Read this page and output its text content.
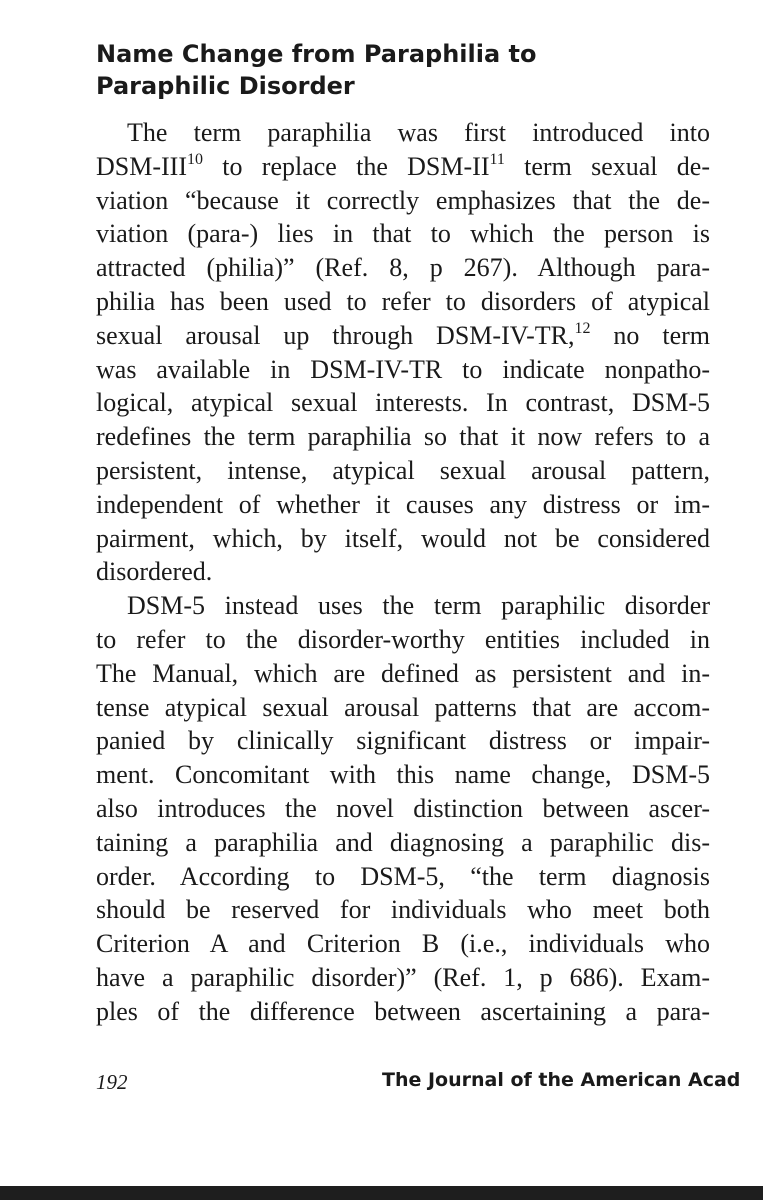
Name Change from Paraphilia to
Paraphilic Disorder
The term paraphilia was first introduced into
DSM-III$^{10}$ to replace the DSM-II$^{11}$ term sexual de-
viation “because it correctly emphasizes that the de-
viation (para-) lies in that to which the person is
attracted (philia)” (Ref. 8, p 267). Although para-
philia has been used to refer to disorders of atypical
sexual arousal up through DSM-IV-TR,$^{12}$ no term
was available in DSM-IV-TR to indicate nonpatho-
logical, atypical sexual interests. In contrast, DSM-5
redefines the term paraphilia so that it now refers to a
persistent, intense, atypical sexual arousal pattern,
independent of whether it causes any distress or im-
pairment, which, by itself, would not be considered
disordered.
DSM-5 instead uses the term paraphilic disorder
to refer to the disorder-worthy entities included in
The Manual, which are defined as persistent and in-
tense atypical sexual arousal patterns that are accom-
panied by clinically significant distress or impair-
ment. Concomitant with this name change, DSM-5
also introduces the novel distinction between ascer-
taining a paraphilia and diagnosing a paraphilic dis-
order. According to DSM-5, “the term diagnosis
should be reserved for individuals who meet both
Criterion A and Criterion B (i.e., individuals who
have a paraphilic disorder)” (Ref. 1, p 686). Exam-
ples of the difference between ascertaining a para-
192	The Journal of the American Acad
